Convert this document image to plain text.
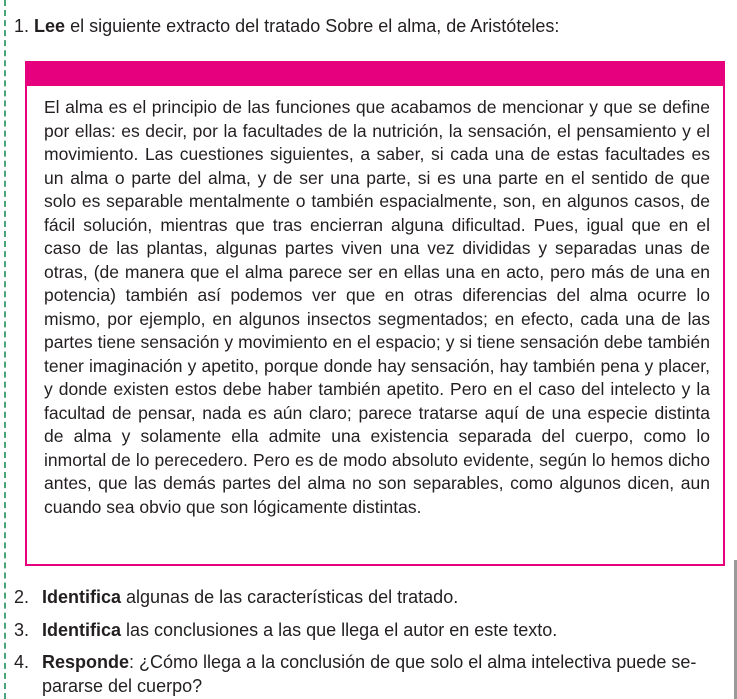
1. Lee el siguiente extracto del tratado Sobre el alma, de Aristóteles:
El alma es el principio de las funciones que acabamos de mencionar y que se define por ellas: es decir, por la facultades de la nutrición, la sensación, el pensamiento y el movimiento. Las cuestiones siguientes, a saber, si cada una de estas facultades es un alma o parte del alma, y de ser una parte, si es una parte en el sentido de que solo es separable mentalmente o también espacialmente, son, en algunos casos, de fácil solución, mientras que tras encierran alguna dificultad. Pues, igual que en el caso de las plantas, algunas partes viven una vez divididas y separadas unas de otras, (de manera que el alma parece ser en ellas una en acto, pero más de una en potencia) también así podemos ver que en otras diferencias del alma ocurre lo mismo, por ejemplo, en algunos insectos segmentados; en efecto, cada una de las partes tiene sensación y movimiento en el espacio; y si tiene sensación debe también tener imaginación y apetito, porque donde hay sensación, hay también pena y placer, y donde existen estos debe haber también apetito. Pero en el caso del intelecto y la facultad de pensar, nada es aún claro; parece tratarse aquí de una especie distinta de alma y solamente ella admite una existencia separada del cuerpo, como lo inmortal de lo perecedero. Pero es de modo absoluto evidente, según lo hemos dicho antes, que las demás partes del alma no son separables, como algunos dicen, aun cuando sea obvio que son lógicamente distintas.
2. Identifica algunas de las características del tratado.
3. Identifica las conclusiones a las que llega el autor en este texto.
4. Responde: ¿Cómo llega a la conclusión de que solo el alma intelectiva puede separarse del cuerpo?
